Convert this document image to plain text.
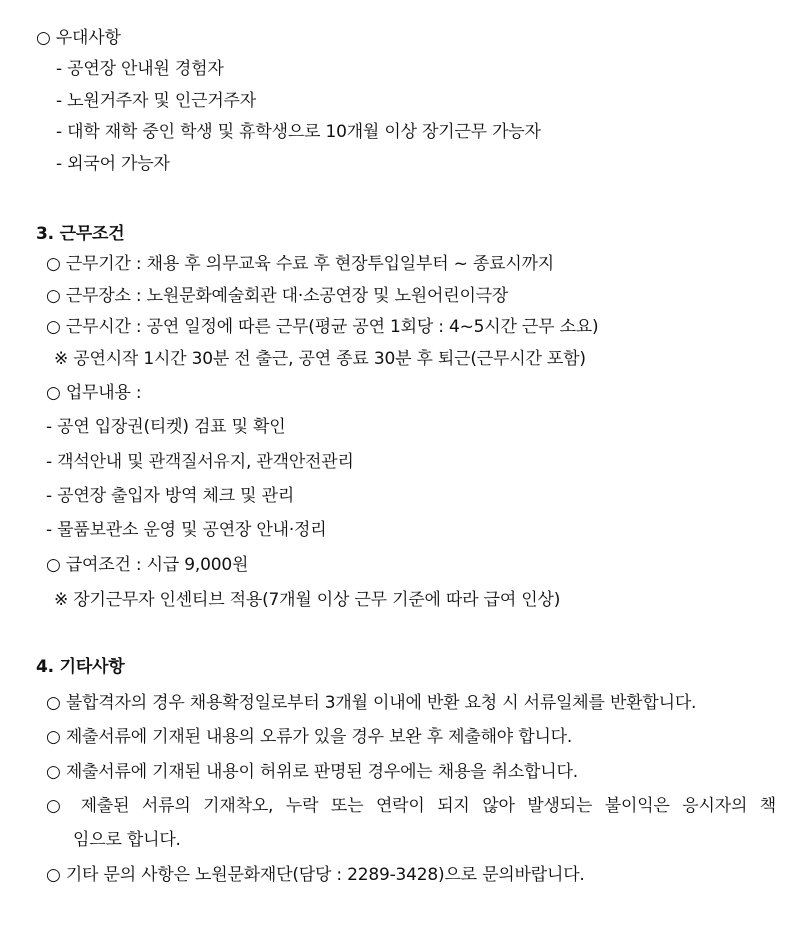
○ 우대사항
- 공연장 안내원 경험자
- 노원거주자 및 인근거주자
- 대학 재학 중인 학생 및 휴학생으로 10개월 이상 장기근무 가능자
- 외국어 가능자
3. 근무조건
○ 근무기간 : 채용 후 의무교육 수료 후 현장투입일부터 ~ 종료시까지
○ 근무장소 : 노원문화예술회관 대·소공연장 및 노원어린이극장
○ 근무시간 : 공연 일정에 따른 근무(평균 공연 1회당 : 4~5시간 근무 소요)
※ 공연시작 1시간 30분 전 출근, 공연 종료 30분 후 퇴근(근무시간 포함)
○ 업무내용 :
- 공연 입장권(티켓) 검표 및 확인
- 객석안내 및 관객질서유지, 관객안전관리
- 공연장 출입자 방역 체크 및 관리
- 물품보관소 운영 및 공연장 안내·정리
○ 급여조건 : 시급 9,000원
※ 장기근무자 인센티브 적용(7개월 이상 근무 기준에 따라 급여 인상)
4. 기타사항
○ 불합격자의 경우 채용확정일로부터 3개월 이내에 반환 요청 시 서류일체를 반환합니다.
○ 제출서류에 기재된 내용의 오류가 있을 경우 보완 후 제출해야 합니다.
○ 제출서류에 기재된 내용이 허위로 판명된 경우에는 채용을 취소합니다.
○ 제출된 서류의 기재착오, 누락 또는 연락이 되지 않아 발생되는 불이익은 응시자의 책
임으로 합니다.
○ 기타 문의 사항은 노원문화재단(담당 : 2289-3428)으로 문의바랍니다.
